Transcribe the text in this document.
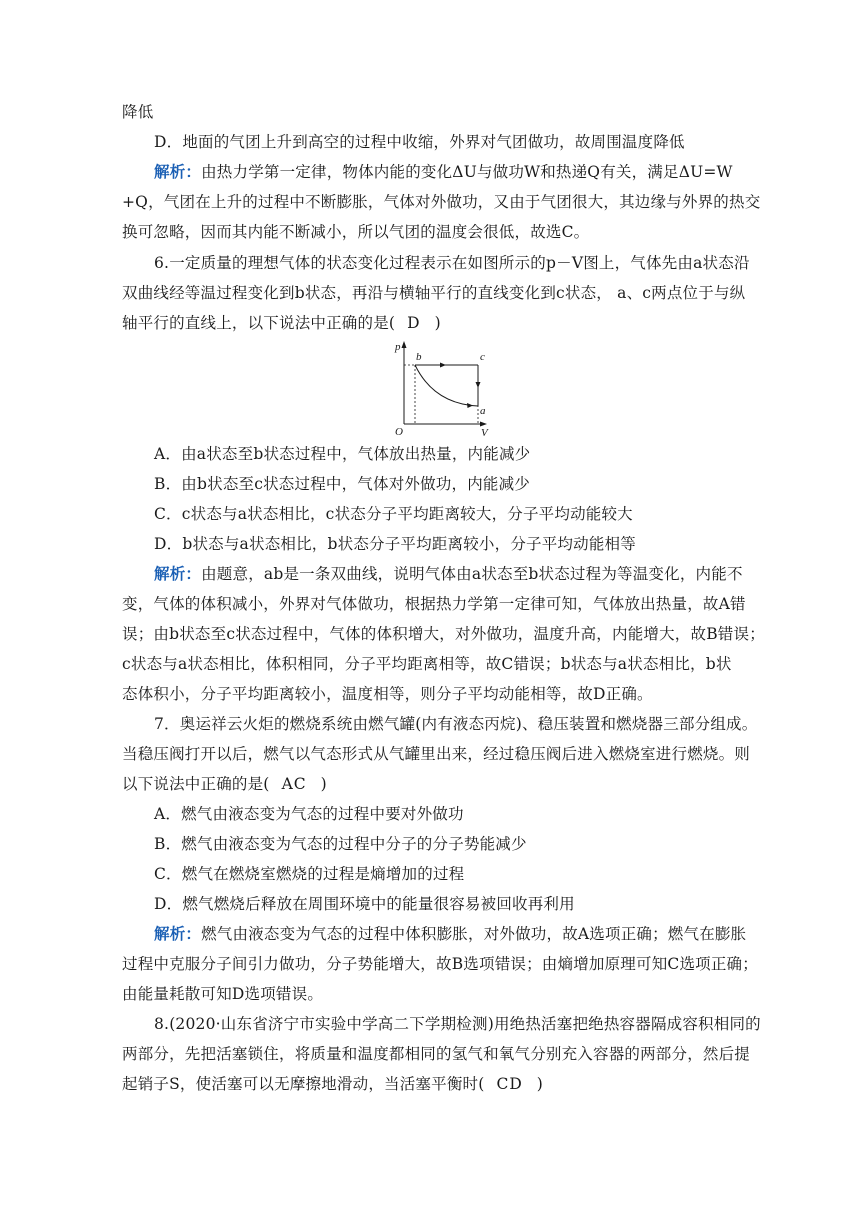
降低
D．地面的气团上升到高空的过程中收缩，外界对气团做功，故周围温度降低
解析：由热力学第一定律，物体内能的变化ΔU与做功W和热递Q有关，满足ΔU=W
+Q，气团在上升的过程中不断膨胀，气体对外做功，又由于气团很大，其边缘与外界的热交
换可忽略，因而其内能不断减小，所以气团的温度会很低，故选C。
6.一定质量的理想气体的状态变化过程表示在如图所示的p－V图上，气体先由a状态沿
双曲线经等温过程变化到b状态，再沿与横轴平行的直线变化到c状态， a、c两点位于与纵
轴平行的直线上，以下说法中正确的是( D )
p
V
O
b	c
a
A．由a状态至b状态过程中，气体放出热量，内能减少
B．由b状态至c状态过程中，气体对外做功，内能减少
C．c状态与a状态相比，c状态分子平均距离较大，分子平均动能较大
D．b状态与a状态相比，b状态分子平均距离较小，分子平均动能相等
解析：由题意，ab是一条双曲线，说明气体由a状态至b状态过程为等温变化，内能不
变，气体的体积减小，外界对气体做功，根据热力学第一定律可知，气体放出热量，故A错
误；由b状态至c状态过程中，气体的体积增大，对外做功，温度升高，内能增大，故B错误；
c状态与a状态相比，体积相同，分子平均距离相等，故C错误；b状态与a状态相比，b状
态体积小，分子平均距离较小，温度相等，则分子平均动能相等，故D正确。
7．奥运祥云火炬的燃烧系统由燃气罐(内有液态丙烷)、稳压装置和燃烧器三部分组成。
当稳压阀打开以后，燃气以气态形式从气罐里出来，经过稳压阀后进入燃烧室进行燃烧。则
以下说法中正确的是( AC )
A．燃气由液态变为气态的过程中要对外做功
B．燃气由液态变为气态的过程中分子的分子势能减少
C．燃气在燃烧室燃烧的过程是熵增加的过程
D．燃气燃烧后释放在周围环境中的能量很容易被回收再利用
解析：燃气由液态变为气态的过程中体积膨胀，对外做功，故A选项正确；燃气在膨胀
过程中克服分子间引力做功，分子势能增大，故B选项错误；由熵增加原理可知C选项正确；
由能量耗散可知D选项错误。
8.(2020·山东省济宁市实验中学高二下学期检测)用绝热活塞把绝热容器隔成容积相同的
两部分，先把活塞锁住，将质量和温度都相同的氢气和氧气分别充入容器的两部分，然后提
起销子S，使活塞可以无摩擦地滑动，当活塞平衡时( CD )
